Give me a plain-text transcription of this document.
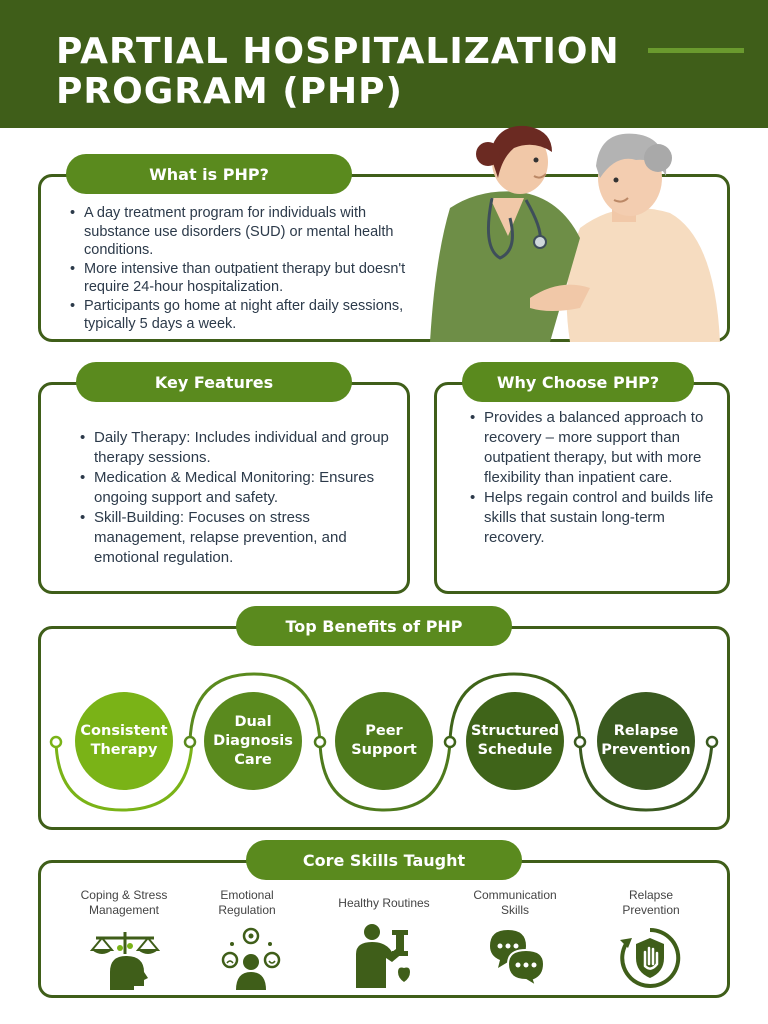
PARTIAL HOSPITALIZATION
PROGRAM (PHP)
What is PHP?
• A day treatment program for individuals with substance use disorders (SUD) or mental health conditions.
• More intensive than outpatient therapy but doesn't require 24-hour hospitalization.
• Participants go home at night after daily sessions, typically 5 days a week.
Key Features
• Daily Therapy: Includes individual and group therapy sessions.
• Medication & Medical Monitoring: Ensures ongoing support and safety.
• Skill-Building: Focuses on stress management, relapse prevention, and emotional regulation.
Why Choose PHP?
• Provides a balanced approach to recovery – more support than outpatient therapy, but with more flexibility than inpatient care.
• Helps regain control and builds life skills that sustain long-term recovery.
Top Benefits of PHP
Consistent
Therapy
Dual
Diagnosis
Care
Peer
Support
Structured
Schedule
Relapse
Prevention
Core Skills Taught
Coping & Stress
Management
Emotional
Regulation	Healthy Routines
Communication
Skills
Relapse
Prevention
